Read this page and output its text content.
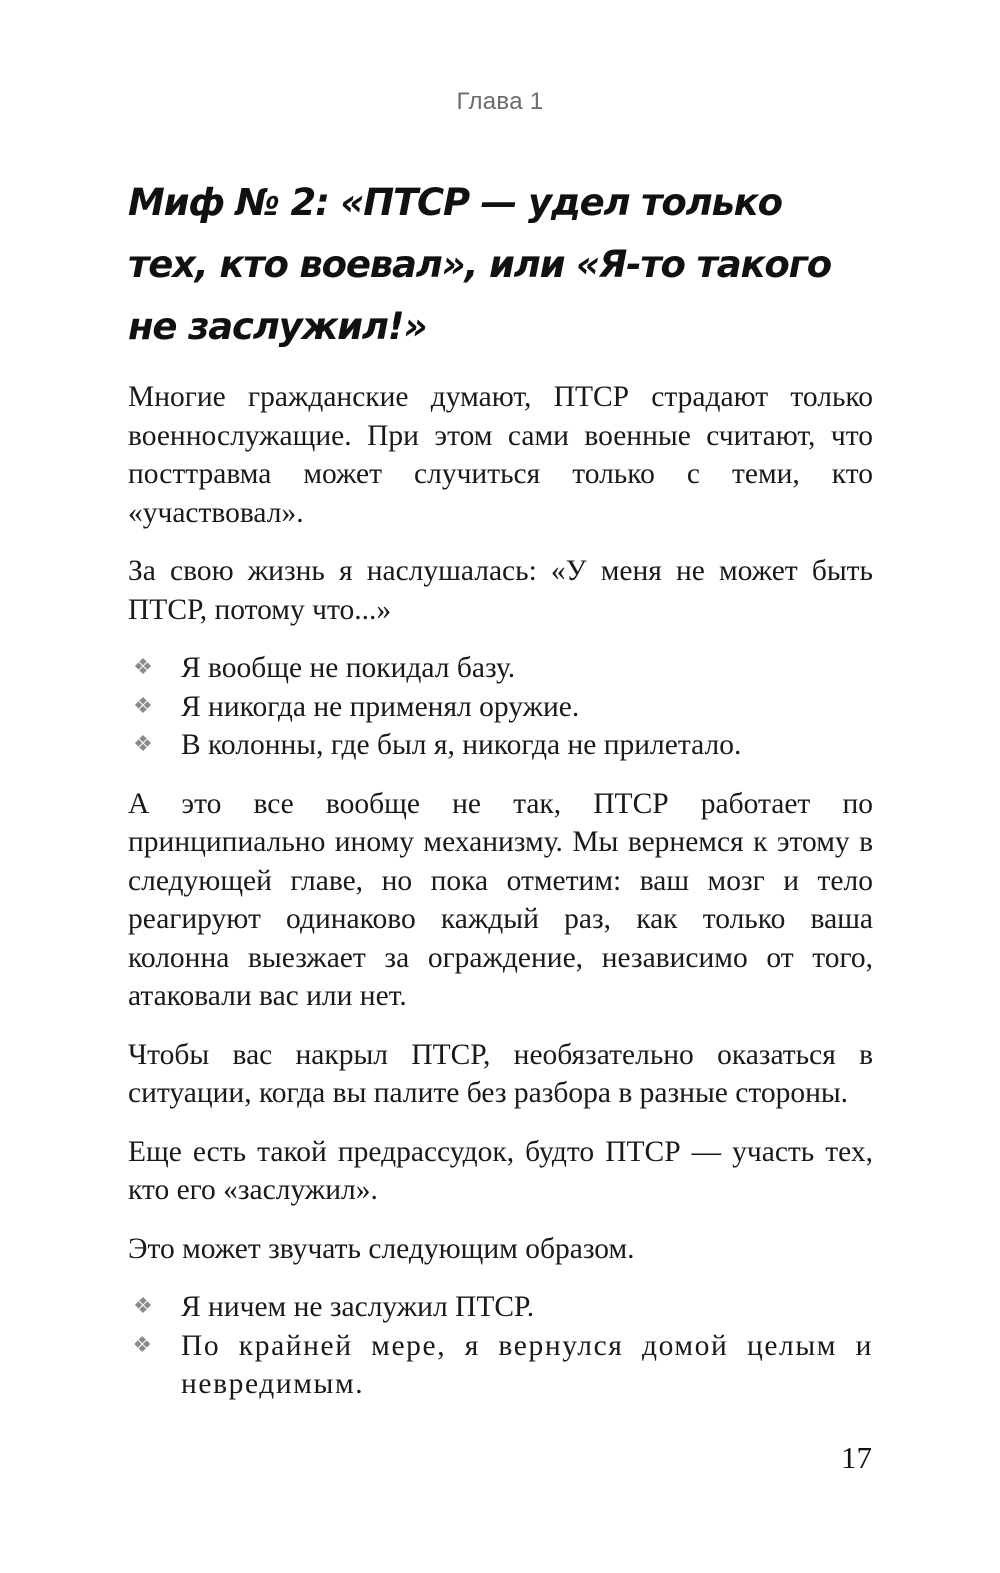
Глава 1
Миф № 2: «ПТСР — удел только
тех, кто воевал», или «Я-то такого
не заслужил!»

Многие гражданские думают, ПТСР страдают только военнослужащие. При этом сами военные считают, что посттравма может случиться только с теми, кто «участвовал».

За свою жизнь я наслушалась: «У меня не может быть ПТСР, потому что...»

❖ Я вообще не покидал базу.
❖ Я никогда не применял оружие.
❖ В колонны, где был я, никогда не прилетало.

А это все вообще не так, ПТСР работает по принципиально иному механизму. Мы вернемся к этому в следующей главе, но пока отметим: ваш мозг и тело реагируют одинаково каждый раз, как только ваша колонна выезжает за ограждение, независимо от того, атаковали вас или нет.

Чтобы вас накрыл ПТСР, необязательно оказаться в ситуации, когда вы палите без разбора в разные стороны.

Еще есть такой предрассудок, будто ПТСР — участь тех, кто его «заслужил».

Это может звучать следующим образом.

❖ Я ничем не заслужил ПТСР.
❖ По крайней мере, я вернулся домой целым и невредимым.
17
